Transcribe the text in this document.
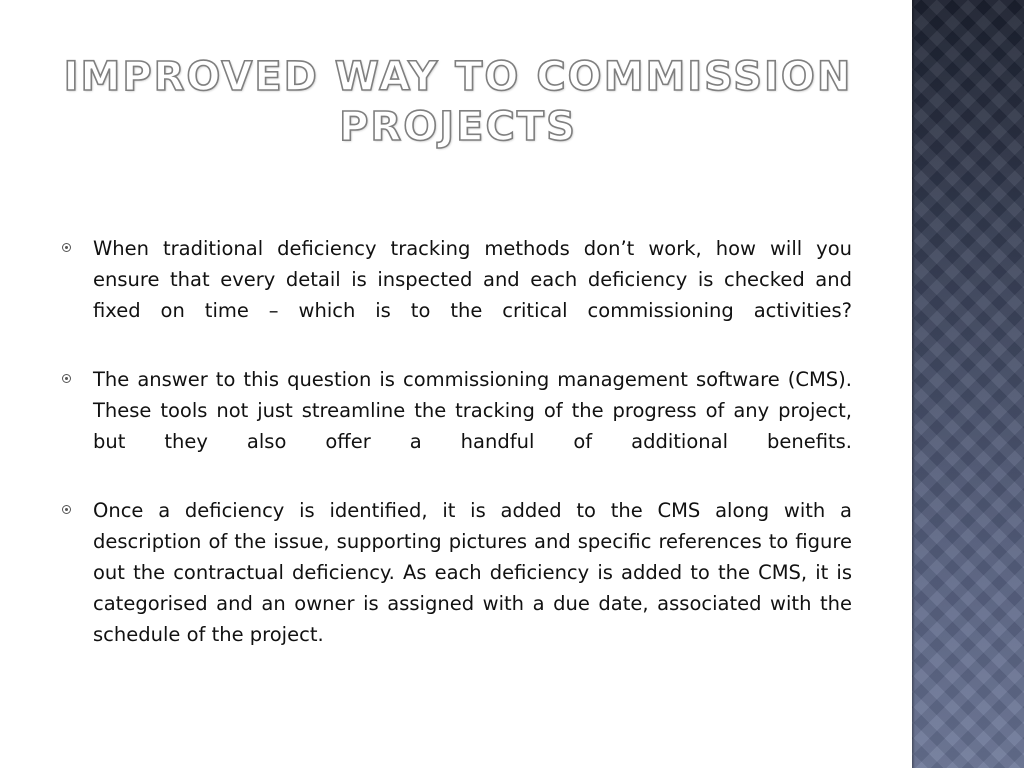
IMPROVED WAY TO COMMISSION PROJECTS
When traditional deficiency tracking methods don’t work, how will you ensure that every detail is inspected and each deficiency is checked and fixed on time – which is to the critical commissioning activities?
The answer to this question is commissioning management software (CMS). These tools not just streamline the tracking of the progress of any project, but they also offer a handful of additional benefits.
Once a deficiency is identified, it is added to the CMS along with a description of the issue, supporting pictures and specific references to figure out the contractual deficiency. As each deficiency is added to the CMS, it is categorised and an owner is assigned with a due date, associated with the schedule of the project.
